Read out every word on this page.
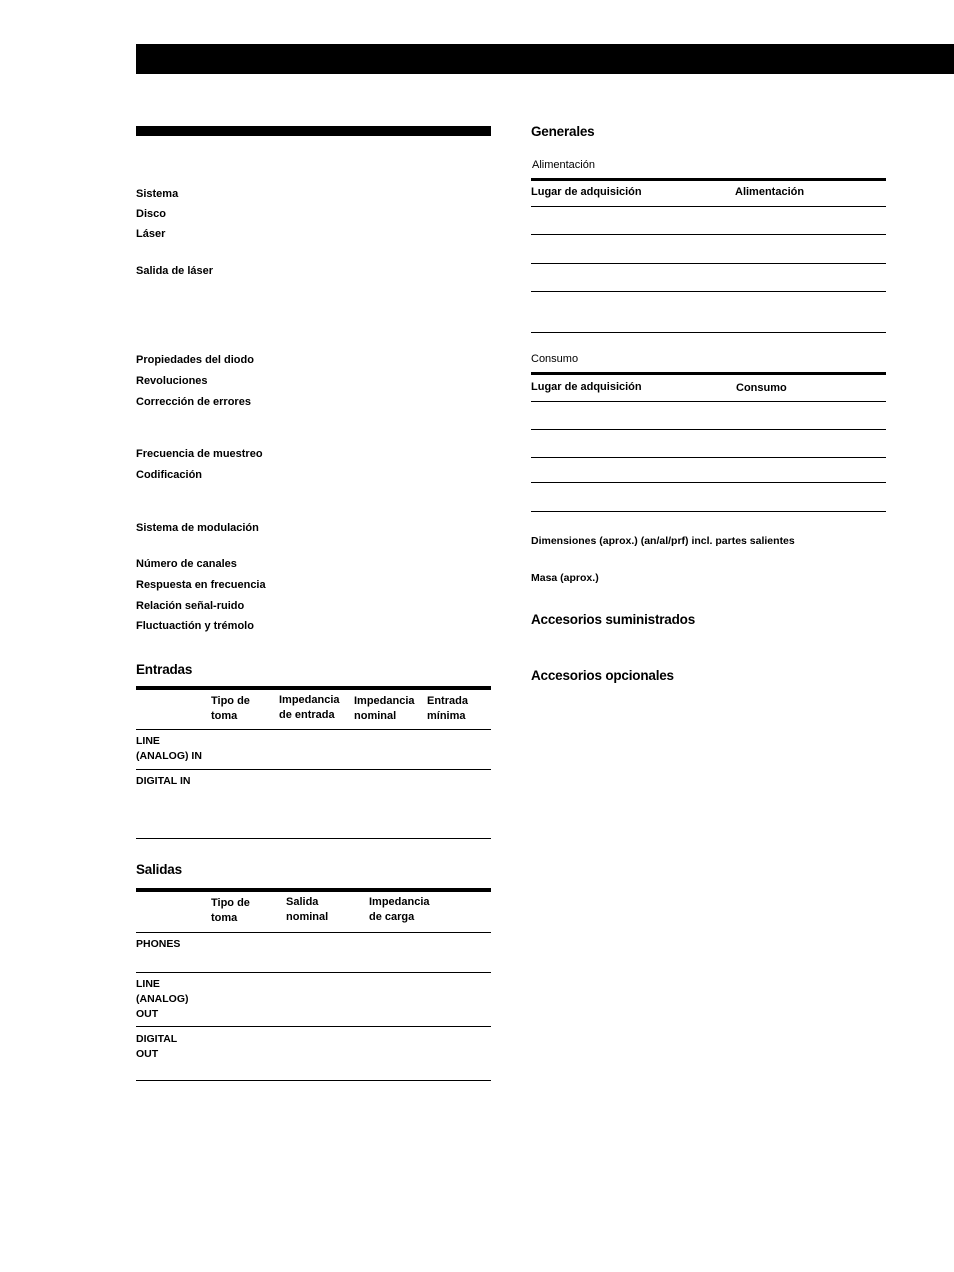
Sistema
Disco
Láser
Salida de láser
Propiedades del diodo
Revoluciones
Corrección de errores
Frecuencia de muestreo
Codificación
Sistema de modulación
Número de canales
Respuesta en frecuencia
Relación señal-ruido
Fluctuactión y trémolo
Entradas
Tipo de toma
Impedancia de entrada
Impedancia nominal
Entrada mínima
LINE (ANALOG) IN
DIGITAL IN
Salidas
Tipo de toma
Salida nominal
Impedancia de carga
PHONES
LINE (ANALOG) OUT
DIGITAL OUT
Generales
Alimentación
Lugar de adquisición	Alimentación
Consumo
Lugar de adquisición	Consumo
Dimensiones (aprox.) (an/al/prf) incl. partes salientes
Masa (aprox.)
Accesorios suministrados
Accesorios opcionales
